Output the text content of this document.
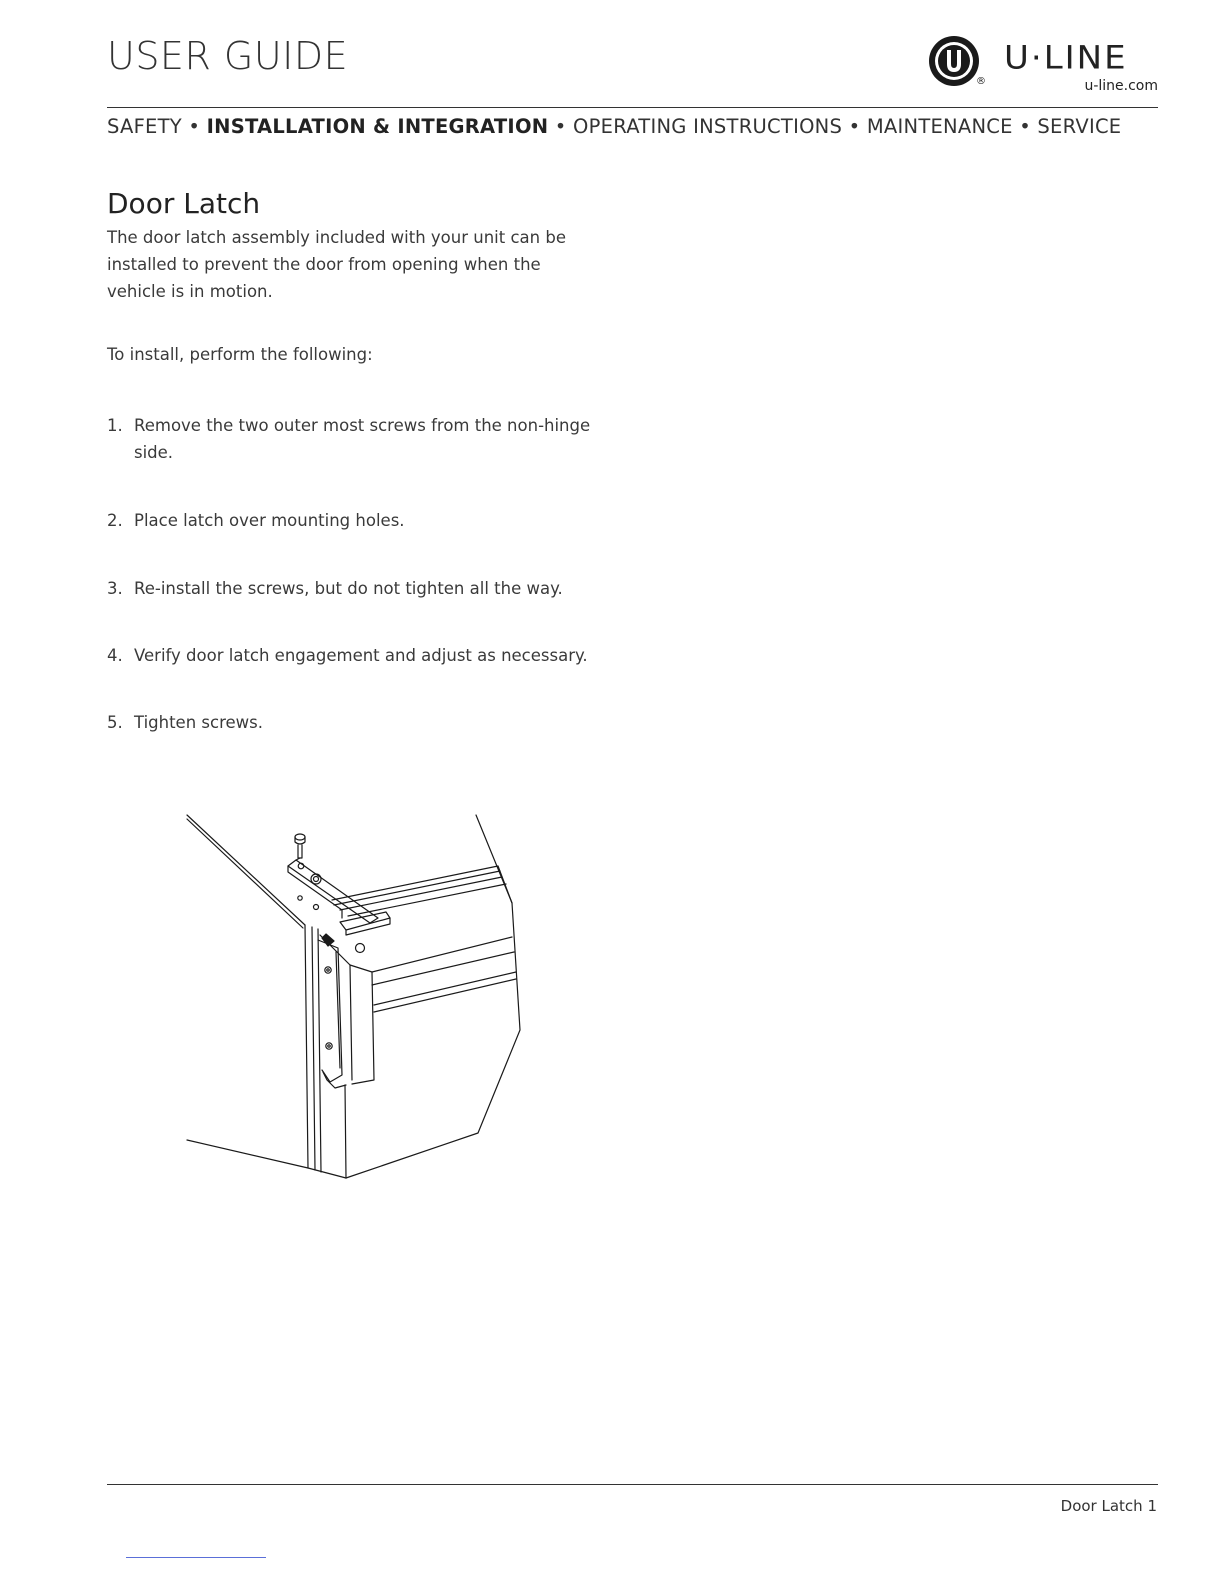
USER GUIDE
®
U·LINE
u-line.com
SAFETY • INSTALLATION & INTEGRATION • OPERATING INSTRUCTIONS • MAINTENANCE • SERVICE
Door Latch

The door latch assembly included with your unit can be installed to prevent the door from opening when the vehicle is in motion.

To install, perform the following:

1. Remove the two outer most screws from the non-hinge side.
2. Place latch over mounting holes.
3. Re-install the screws, but do not tighten all the way.
4. Verify door latch engagement and adjust as necessary.
5. Tighten screws.
Door Latch 1
